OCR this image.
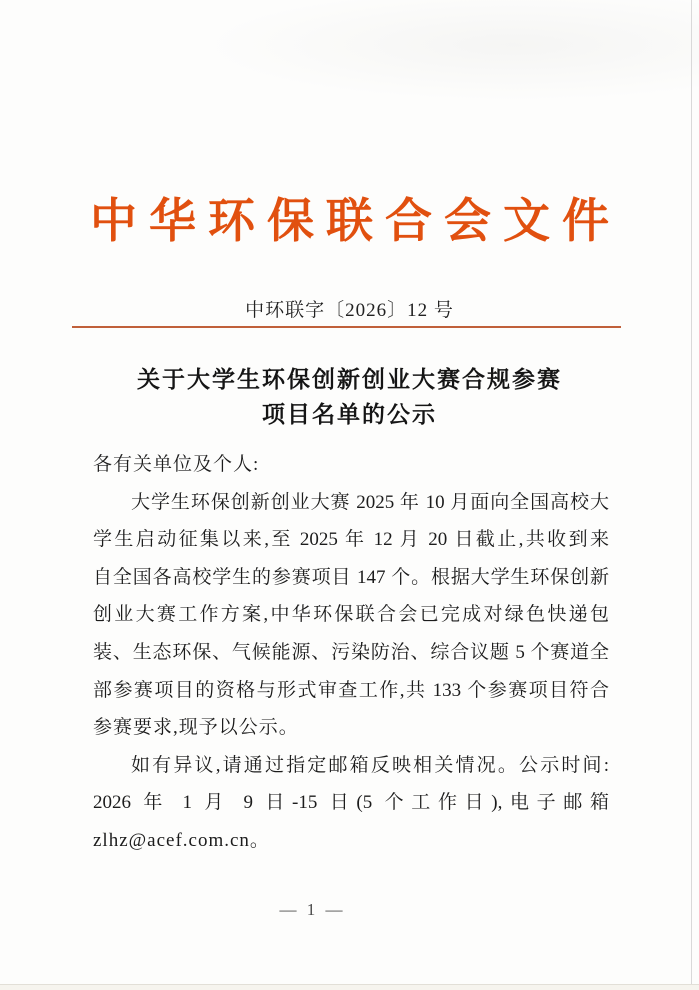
中华环保联合会文件
中环联字〔2026〕12 号
关于大学生环保创新创业大赛合规参赛
项目名单的公示
各有关单位及个人:
大学生环保创新创业大赛 2025 年 10 月面向全国高校大
学生启动征集以来,至 2025 年 12 月 20 日截止,共收到来
自全国各高校学生的参赛项目 147 个。根据大学生环保创新
创业大赛工作方案,中华环保联合会已完成对绿色快递包
装、生态环保、气候能源、污染防治、综合议题 5 个赛道全
部参赛项目的资格与形式审查工作,共 133 个参赛项目符合
参赛要求,现予以公示。
如有异议,请通过指定邮箱反映相关情况。公示时间:
2026 年 1 月 9 日-15 日(5 个工作日),电子邮箱
zlhz@acef.com.cn。
— 1 —
